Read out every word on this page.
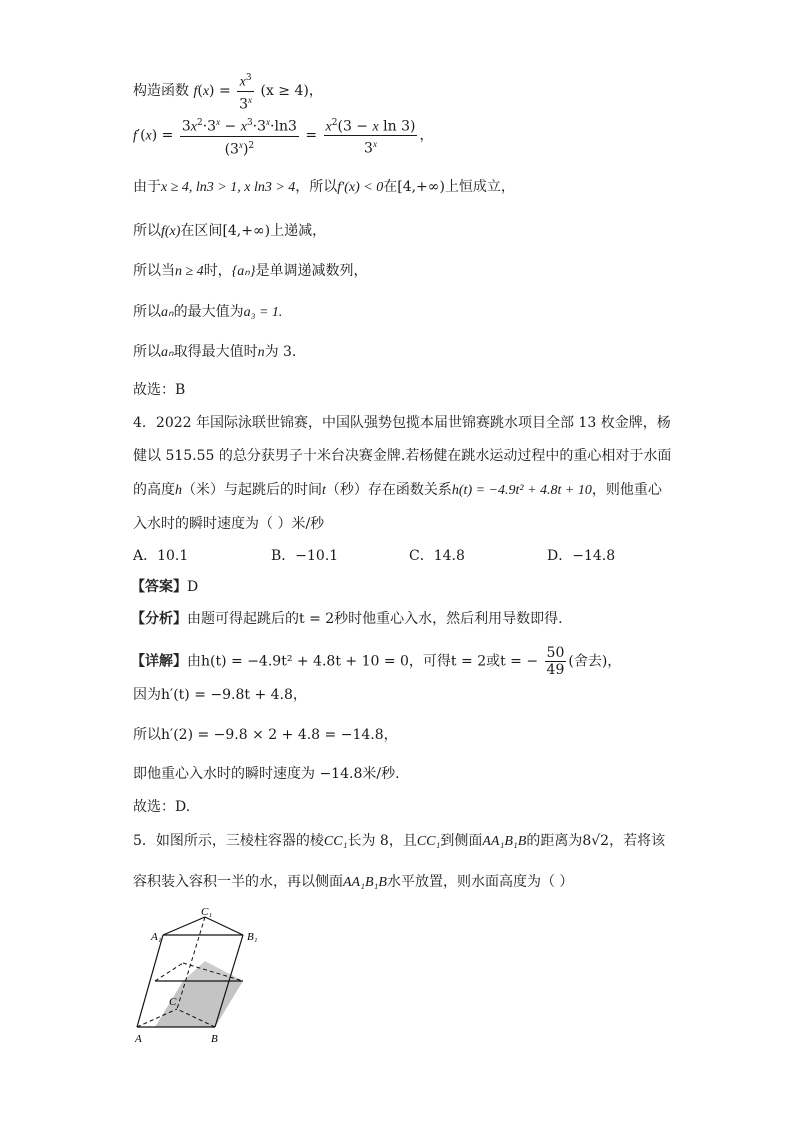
构造函数 $f(x) = \frac{x^3}{3^x} (x \ge 4)$，
$f'(x) = \frac{3x^2\cdot 3^x - x^3\cdot 3^x\cdot\ln 3}{(3^x)^2} = \frac{x^2(3 - x \ln 3)}{3^x}$ ，
由于x ≥ 4, ln3 > 1, x ln3 > 4，所以f′(x) < 0在[4,+∞)上恒成立，
所以f(x)在区间[4,+∞)上递减，
所以当n ≥ 4时，{aₙ}是单调递减数列，
所以aₙ的最大值为a₃ = 1.
所以aₙ取得最大值时n为 3.
故选：B
4．2022 年国际泳联世锦赛，中国队强势包揽本届世锦赛跳水项目全部 13 枚金牌，杨
健以 515.55 的总分获男子十米台决赛金牌.若杨健在跳水运动过程中的重心相对于水面
的高度h（米）与起跳后的时间t（秒）存在函数关系h(t) = −4.9t² + 4.8t + 10，则他重心
入水时的瞬时速度为（ ）米/秒
A．10.1	B．−10.1	C．14.8	D．−14.8
【答案】D
【分析】由题可得起跳后的t = 2秒时他重心入水，然后利用导数即得.
【详解】由h(t) = −4.9t² + 4.8t + 10 = 0，可得t = 2或t = − $\frac{50}{49}$ (舍去)，
因为h′(t) = −9.8t + 4.8，
所以h′(2) = −9.8 × 2 + 4.8 = −14.8，
即他重心入水时的瞬时速度为 −14.8米/秒.
故选：D.
5．如图所示，三棱柱容器的棱CC₁长为 8，且CC₁到侧面AA₁B₁B的距离为8√2，若将该
容积装入容积一半的水，再以侧面AA₁B₁B水平放置，则水面高度为（ ）
C₁
A₁	B₁
C
A	B
